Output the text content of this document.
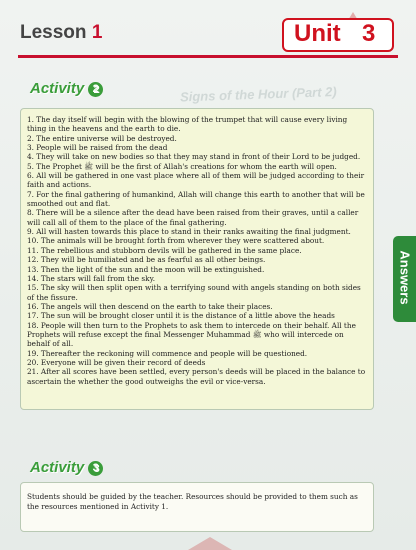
Lesson 1	Unit 3
Signs of the Hour (Part 2)
Activity 2
1. The day itself will begin with the blowing of the trumpet that will cause every living thing in the heavens and the earth to die.
2. The entire universe will be destroyed.
3. People will be raised from the dead
4. They will take on new bodies so that they may stand in front of their Lord to be judged.
5. The Prophet ﷺ will be the first of Allah's creations for whom the earth will open.
6. All will be gathered in one vast place where all of them will be judged according to their faith and actions.
7. For the final gathering of humankind, Allah will change this earth to another that will be smoothed out and flat.
8. There will be a silence after the dead have been raised from their graves, until a caller will call all of them to the place of the final gathering.
9. All will hasten towards this place to stand in their ranks awaiting the final judgment.
10. The animals will be brought forth from wherever they were scattered about.
11. The rebellious and stubborn devils will be gathered in the same place.
12. They will be humiliated and be as fearful as all other beings.
13. Then the light of the sun and the moon will be extinguished.
14. The stars will fall from the sky.
15. The sky will then split open with a terrifying sound with angels standing on both sides of the fissure.
16. The angels will then descend on the earth to take their places.
17. The sun will be brought closer until it is the distance of a little above the heads
18. People will then turn to the Prophets to ask them to intercede on their behalf. All the Prophets will refuse except the final Messenger Muhammad ﷺ who will intercede on behalf of all.
19. Thereafter the reckoning will commence and people will be questioned.
20. Everyone will be given their record of deeds
21. After all scores have been settled, every person's deeds will be placed in the balance to ascertain the whether the good outweighs the evil or vice-versa.
Activity 3

Students should be guided by the teacher. Resources should be provided to them such as the resources mentioned in Activity 1.

Answers
